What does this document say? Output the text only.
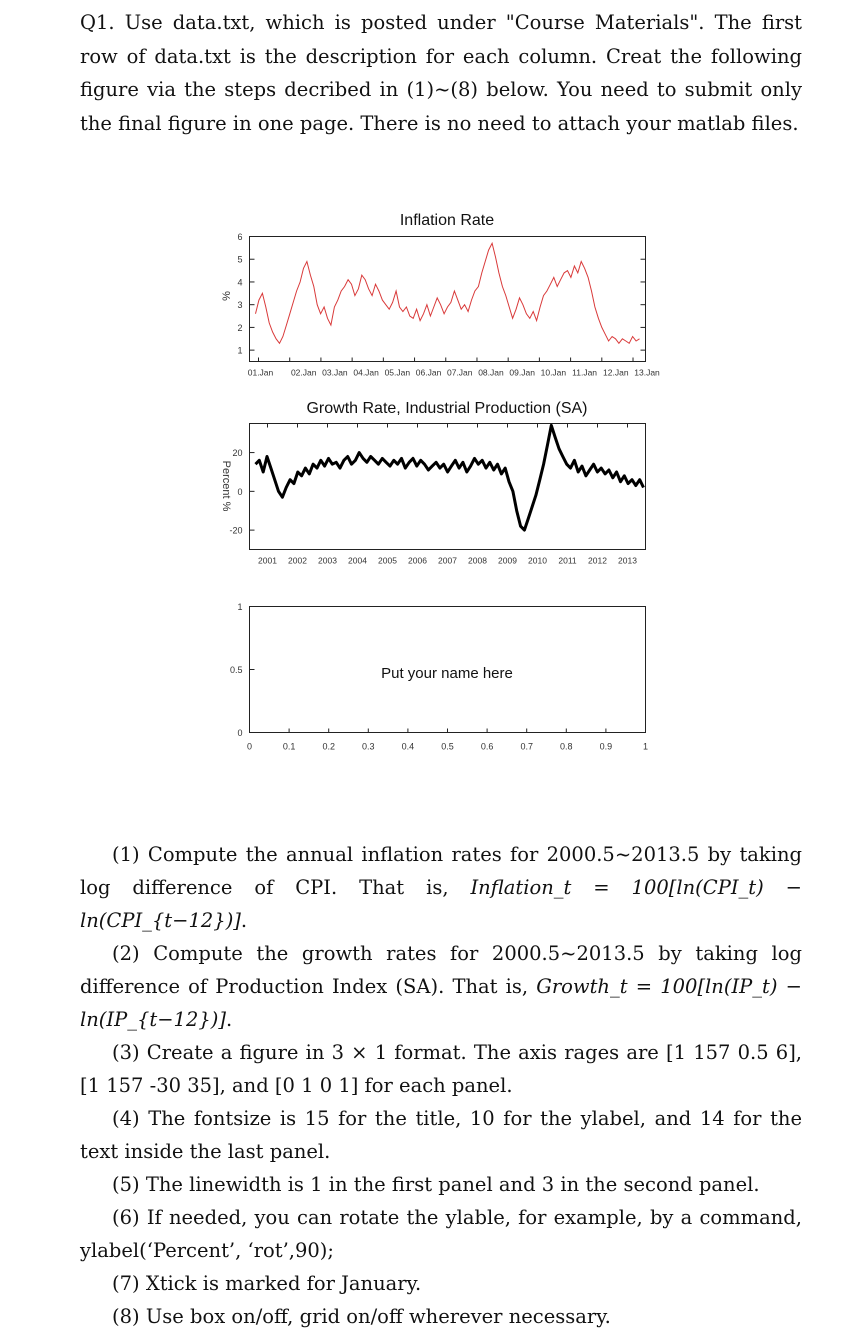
Q1. Use data.txt, which is posted under "Course Materials". The first row of data.txt is the description for each column. Creat the following figure via the steps decribed in (1)~(8) below. You need to submit only the final figure in one page. There is no need to attach your matlab files.
Inflation Rate
%
1
2
3
4
5
6
01.Jan 02.Jan 03.Jan 04.Jan 05.Jan 06.Jan 07.Jan 08.Jan 09.Jan 10.Jan 11.Jan 12.Jan 13.Jan
Growth Rate, Industrial Production (SA)
Percent %
-20
0
20
2001 2002 2003 2004 2005 2006 2007 2008 2009 2010 2011 2012 2013
0
0.5
1
0	0.1	0.2	0.3	0.4	0.5	0.6	0.7	0.8	0.9	1
Put your name here
(1) Compute the annual inflation rates for 2000.5~2013.5 by taking log difference of CPI. That is, Inflation_t = 100[ln(CPI_t) − ln(CPI_{t−12})].
(2) Compute the growth rates for 2000.5~2013.5 by taking log difference of Production Index (SA). That is, Growth_t = 100[ln(IP_t) − ln(IP_{t−12})].
(3) Create a figure in 3 × 1 format. The axis rages are [1 157 0.5 6], [1 157 -30 35], and [0 1 0 1] for each panel.
(4) The fontsize is 15 for the title, 10 for the ylabel, and 14 for the text inside the last panel.
(5) The linewidth is 1 in the first panel and 3 in the second panel.
(6) If needed, you can rotate the ylable, for example, by a command, ylabel(‘Percent’, ‘rot’,90);
(7) Xtick is marked for January.
(8) Use box on/off, grid on/off wherever necessary.
